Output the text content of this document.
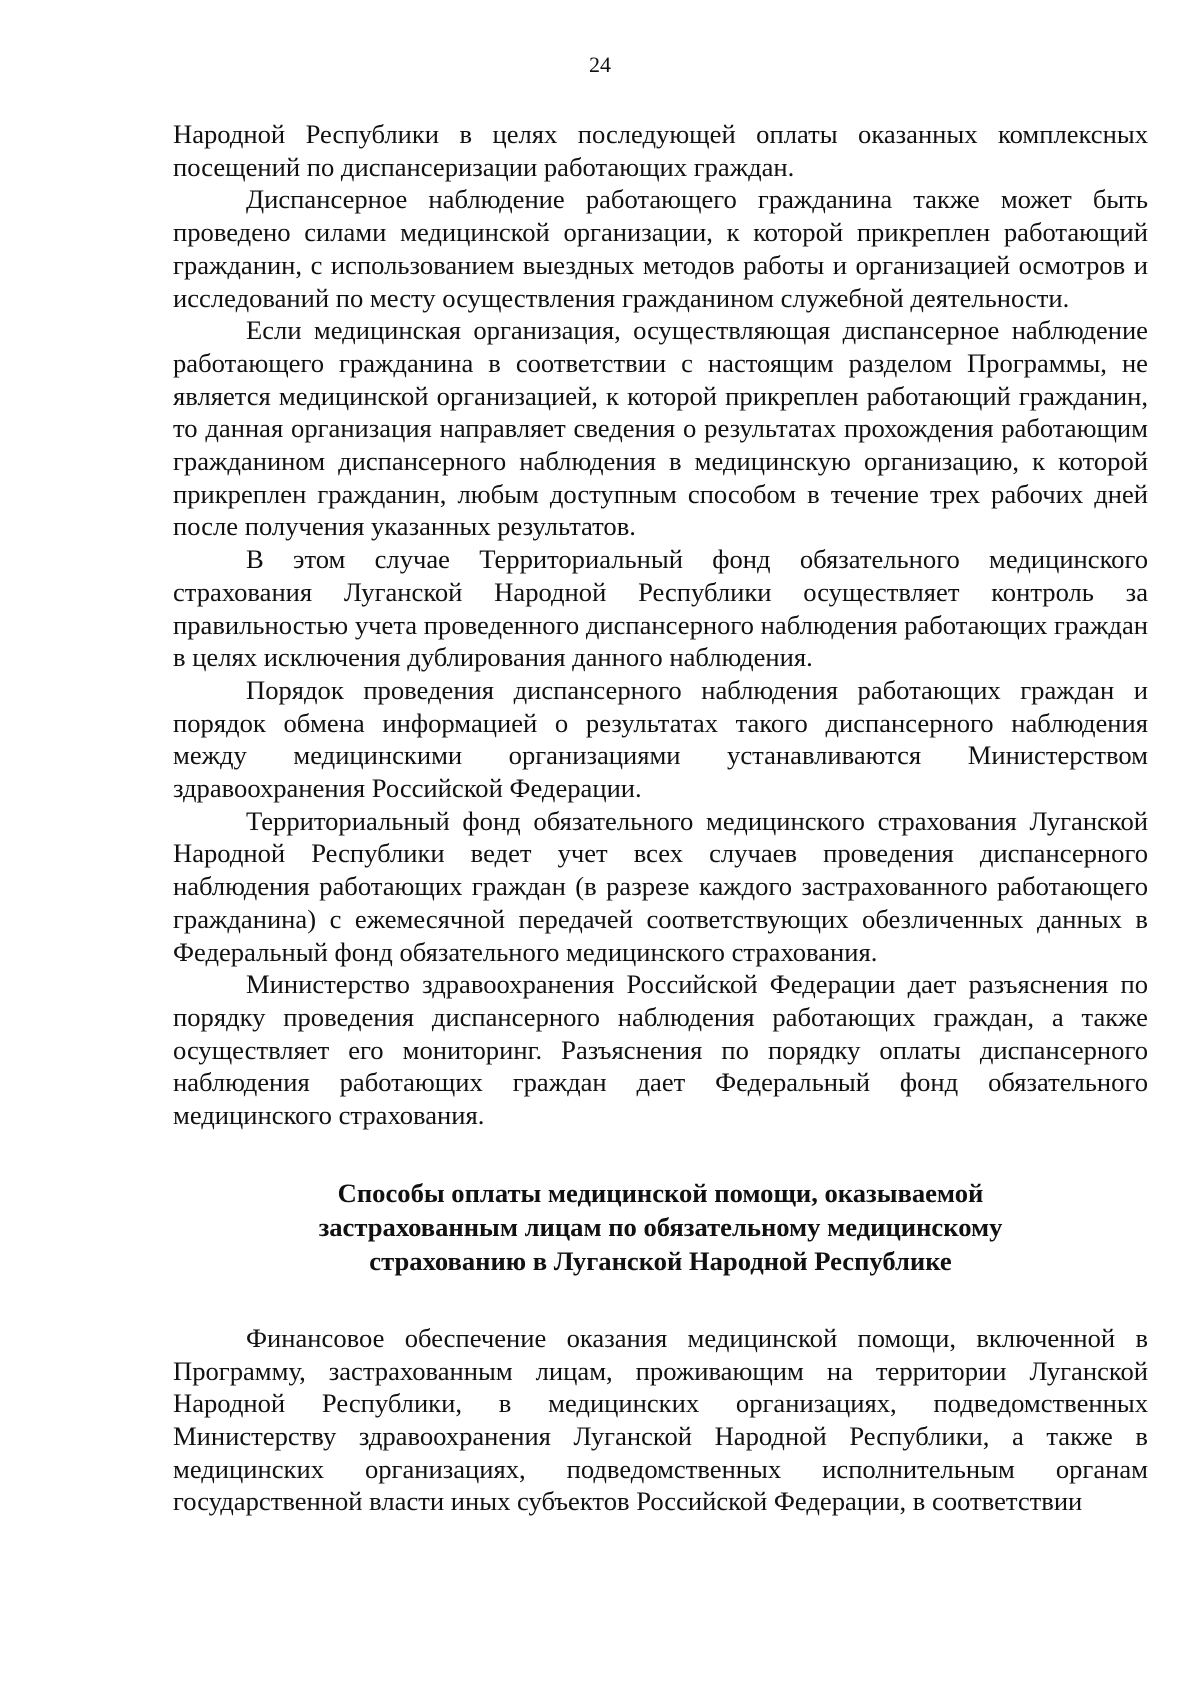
24

Народной Республики в целях последующей оплаты оказанных комплексных посещений по диспансеризации работающих граждан.

Диспансерное наблюдение работающего гражданина также может быть проведено силами медицинской организации, к которой прикреплен работающий гражданин, с использованием выездных методов работы и организацией осмотров и исследований по месту осуществления гражданином служебной деятельности.

Если медицинская организация, осуществляющая диспансерное наблюдение работающего гражданина в соответствии с настоящим разделом Программы, не является медицинской организацией, к которой прикреплен работающий гражданин, то данная организация направляет сведения о результатах прохождения работающим гражданином диспансерного наблюдения в медицинскую организацию, к которой прикреплен гражданин, любым доступным способом в течение трех рабочих дней после получения указанных результатов.

В этом случае Территориальный фонд обязательного медицинского страхования Луганской Народной Республики осуществляет контроль за правильностью учета проведенного диспансерного наблюдения работающих граждан в целях исключения дублирования данного наблюдения.

Порядок проведения диспансерного наблюдения работающих граждан и порядок обмена информацией о результатах такого диспансерного наблюдения между медицинскими организациями устанавливаются Министерством здравоохранения Российской Федерации.

Территориальный фонд обязательного медицинского страхования Луганской Народной Республики ведет учет всех случаев проведения диспансерного наблюдения работающих граждан (в разрезе каждого застрахованного работающего гражданина) с ежемесячной передачей соответствующих обезличенных данных в Федеральный фонд обязательного медицинского страхования.

Министерство здравоохранения Российской Федерации дает разъяснения по порядку проведения диспансерного наблюдения работающих граждан, а также осуществляет его мониторинг. Разъяснения по порядку оплаты диспансерного наблюдения работающих граждан дает Федеральный фонд обязательного медицинского страхования.

Способы оплаты медицинской помощи, оказываемой
застрахованным лицам по обязательному медицинскому
страхованию в Луганской Народной Республике

Финансовое обеспечение оказания медицинской помощи, включенной в Программу, застрахованным лицам, проживающим на территории Луганской Народной Республики, в медицинских организациях, подведомственных Министерству здравоохранения Луганской Народной Республики, а также в медицинских организациях, подведомственных исполнительным органам государственной власти иных субъектов Российской Федерации, в соответствии
